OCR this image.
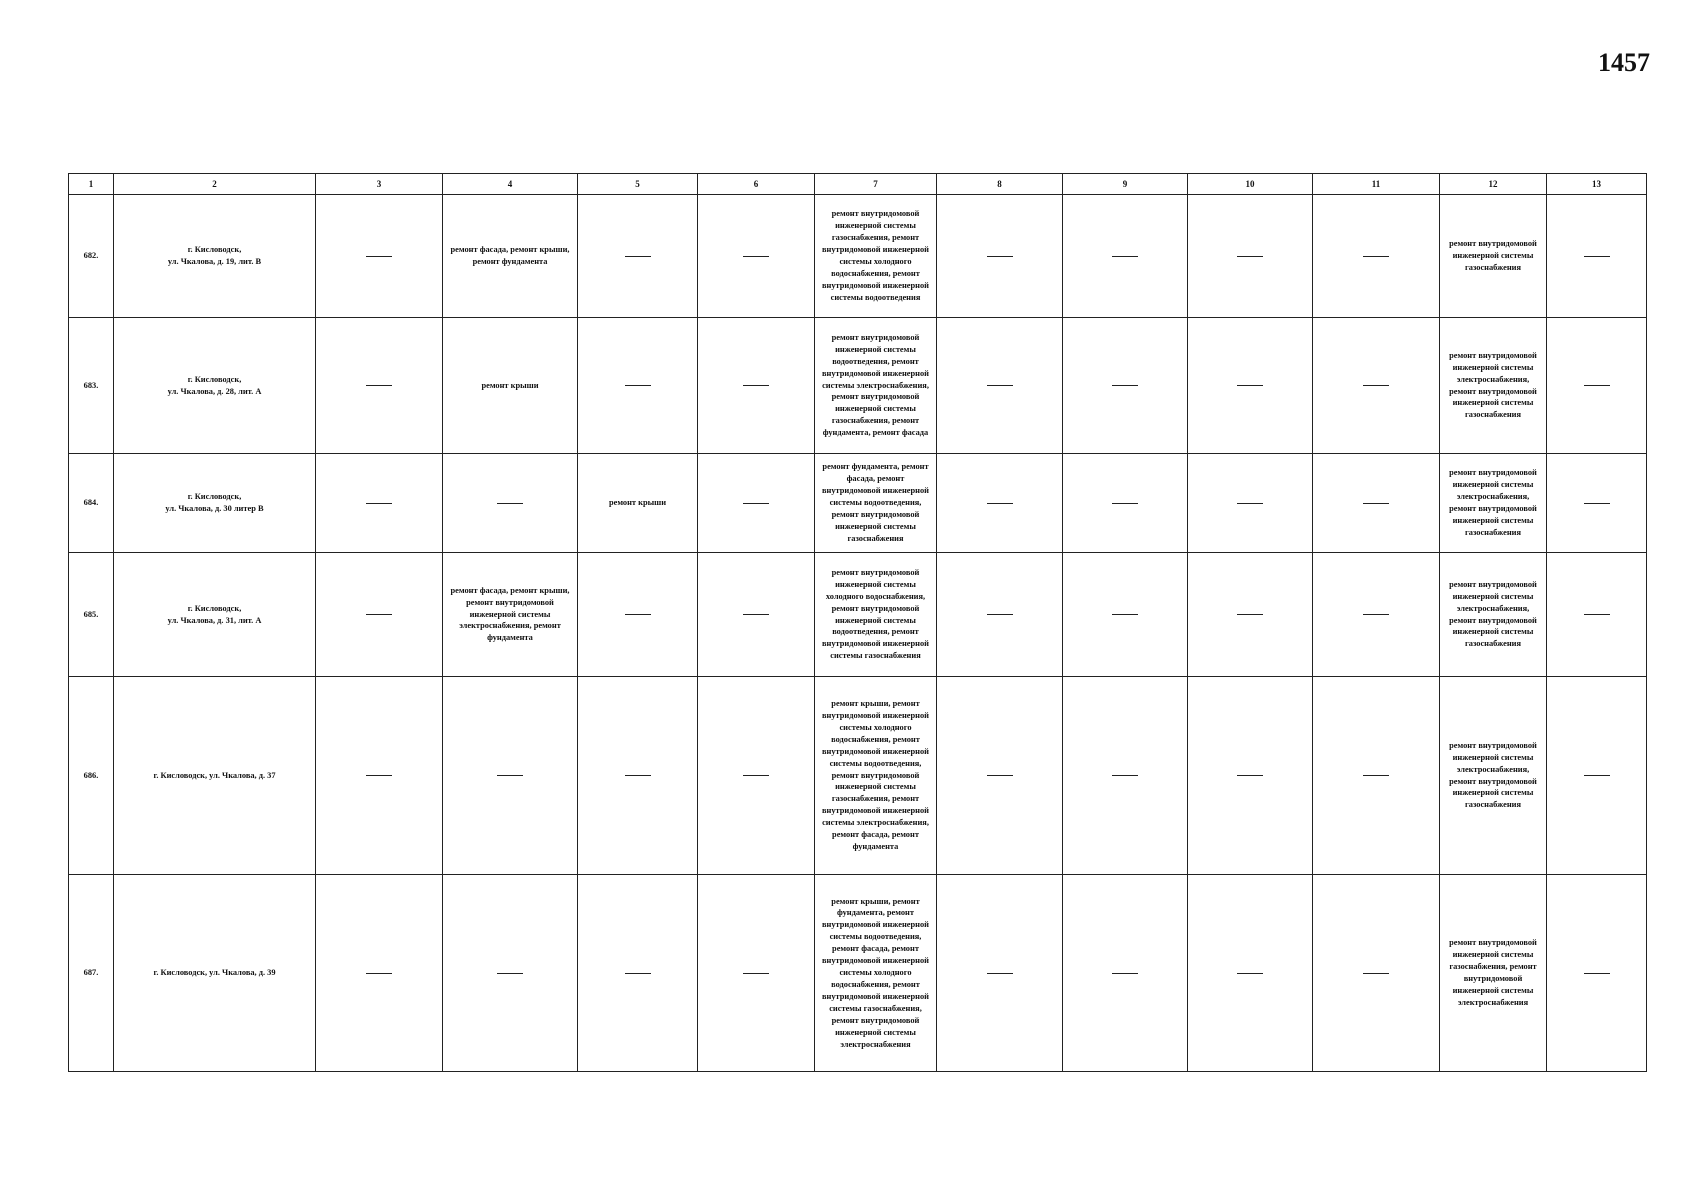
1457
1	2	3	4	5	6	7	8	9	10	11	12	13
682.	г. Кисловодск,
ул. Чкалова, д. 19, лит. В		ремонт фасада, ремонт крыши, ремонт фундамента			ремонт внутридомовой инженерной системы газоснабжения, ремонт внутридомовой инженерной системы холодного водоснабжения, ремонт внутридомовой инженерной системы водоотведения					ремонт внутридомовой инженерной системы газоснабжения	
683.	г. Кисловодск,
ул. Чкалова, д. 28, лит. А		ремонт крыши			ремонт внутридомовой инженерной системы водоотведения, ремонт внутридомовой инженерной системы электроснабжения, ремонт внутридомовой инженерной системы газоснабжения, ремонт фундамента, ремонт фасада					ремонт внутридомовой инженерной системы электроснабжения, ремонт внутридомовой инженерной системы газоснабжения	
684.	г. Кисловодск,
ул. Чкалова, д. 30 литер В			ремонт крыши		ремонт фундамента, ремонт фасада, ремонт внутридомовой инженерной системы водоотведения, ремонт внутридомовой инженерной системы газоснабжения					ремонт внутридомовой инженерной системы электроснабжения, ремонт внутридомовой инженерной системы газоснабжения	
685.	г. Кисловодск,
ул. Чкалова, д. 31, лит. А		ремонт фасада, ремонт крыши, ремонт внутридомовой инженерной системы электроснабжения, ремонт фундамента			ремонт внутридомовой инженерной системы холодного водоснабжения, ремонт внутридомовой инженерной системы водоотведения, ремонт внутридомовой инженерной системы газоснабжения					ремонт внутридомовой инженерной системы электроснабжения, ремонт внутридомовой инженерной системы газоснабжения	
686.	г. Кисловодск, ул. Чкалова, д. 37					ремонт крыши, ремонт внутридомовой инженерной системы холодного водоснабжения, ремонт внутридомовой инженерной системы водоотведения, ремонт внутридомовой инженерной системы газоснабжения, ремонт внутридомовой инженерной системы электроснабжения, ремонт фасада, ремонт фундамента					ремонт внутридомовой инженерной системы электроснабжения, ремонт внутридомовой инженерной системы газоснабжения	
687.	г. Кисловодск, ул. Чкалова, д. 39					ремонт крыши, ремонт фундамента, ремонт внутридомовой инженерной системы водоотведения, ремонт фасада, ремонт внутридомовой инженерной системы холодного водоснабжения, ремонт внутридомовой инженерной системы газоснабжения, ремонт внутридомовой инженерной системы электроснабжения					ремонт внутридомовой инженерной системы газоснабжения, ремонт внутридомовой инженерной системы электроснабжения	
